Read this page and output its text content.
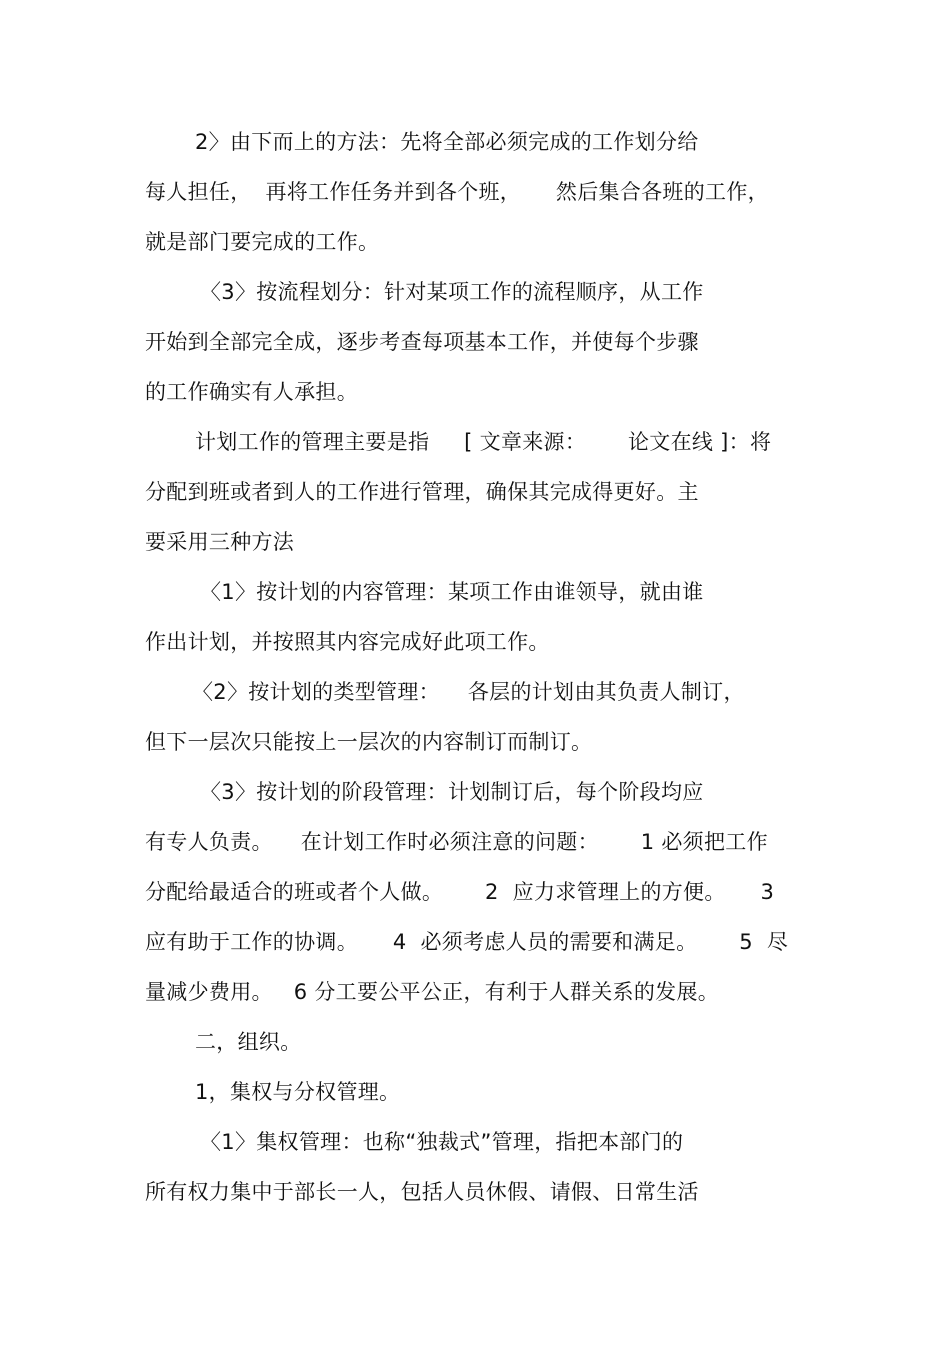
2〉由下而上的方法：先将全部必须完成的工作划分给
每人担任，  再将工作任务并到各个班，     然后集合各班的工作，
就是部门要完成的工作。
〈3〉按流程划分：针对某项工作的流程顺序，从工作
开始到全部完全成，逐步考查每项基本工作，并使每个步骤
的工作确实有人承担。
计划工作的管理主要是指     [ 文章来源：      论文在线 ]：将
分配到班或者到人的工作进行管理，确保其完成得更好。主
要采用三种方法
〈1〉按计划的内容管理：某项工作由谁领导，就由谁
作出计划，并按照其内容完成好此项工作。
〈2〉按计划的类型管理：    各层的计划由其负责人制订，
但下一层次只能按上一层次的内容制订而制订。
〈3〉按计划的阶段管理：计划制订后，每个阶段均应
有专人负责。    在计划工作时必须注意的问题：      1 必须把工作
分配给最适合的班或者个人做。      2  应力求管理上的方便。     3
应有助于工作的协调。     4  必须考虑人员的需要和满足。      5  尽
量减少费用。   6 分工要公平公正，有利于人群关系的发展。
二，组织。
1，集权与分权管理。
〈1〉集权管理：也称“独裁式”管理，指把本部门的
所有权力集中于部长一人，包括人员休假、请假、日常生活
